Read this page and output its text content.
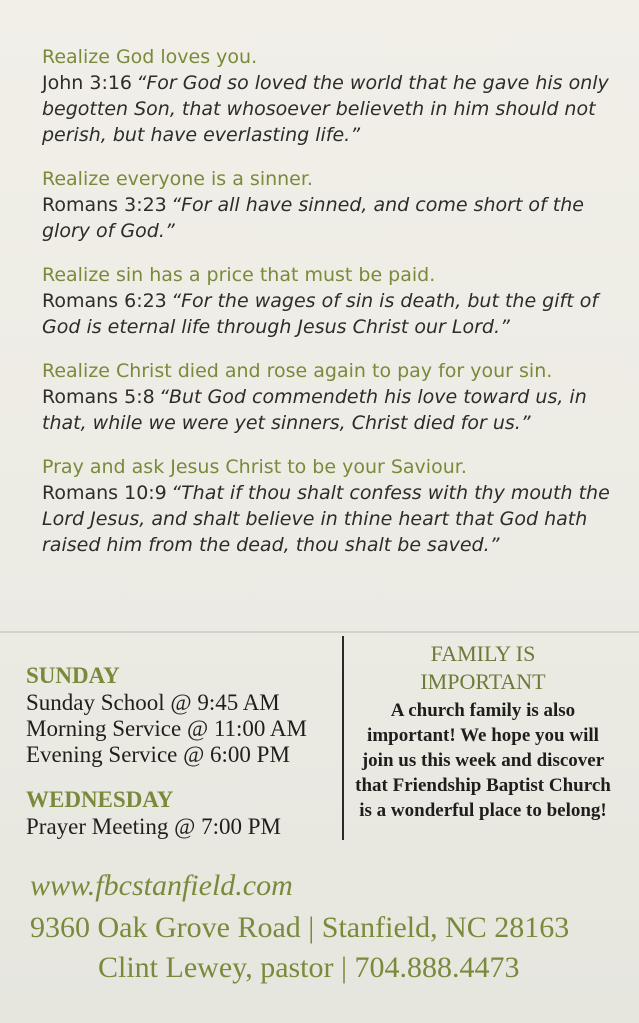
Realize God loves you.

John 3:16 “For God so loved the world that he gave his only begotten Son, that whosoever believeth in him should not perish, but have everlasting life.”

Realize everyone is a sinner.

Romans 3:23 “For all have sinned, and come short of the glory of God.”

Realize sin has a price that must be paid.

Romans 6:23 “For the wages of sin is death, but the gift of God is eternal life through Jesus Christ our Lord.”

Realize Christ died and rose again to pay for your sin. Romans 5:8 “But God commendeth his love toward us, in that, while we were yet sinners, Christ died for us.”

Pray and ask Jesus Christ to be your Saviour.

Romans 10:9 “That if thou shalt confess with thy mouth the Lord Jesus, and shalt believe in thine heart that God hath raised him from the dead, thou shalt be saved.”

SUNDAY
Sunday School @ 9:45 AM
Morning Service @ 11:00 AM
Evening Service @ 6:00 PM
WEDNESDAY
Prayer Meeting @ 7:00 PM
FAMILY IS
IMPORTANT
A church family is also important! We hope you will join us this week and discover that Friendship Baptist Church is a wonderful place to belong!
www.fbcstanfield.com
9360 Oak Grove Road | Stanfield, NC 28163
Clint Lewey, pastor | 704.888.4473
